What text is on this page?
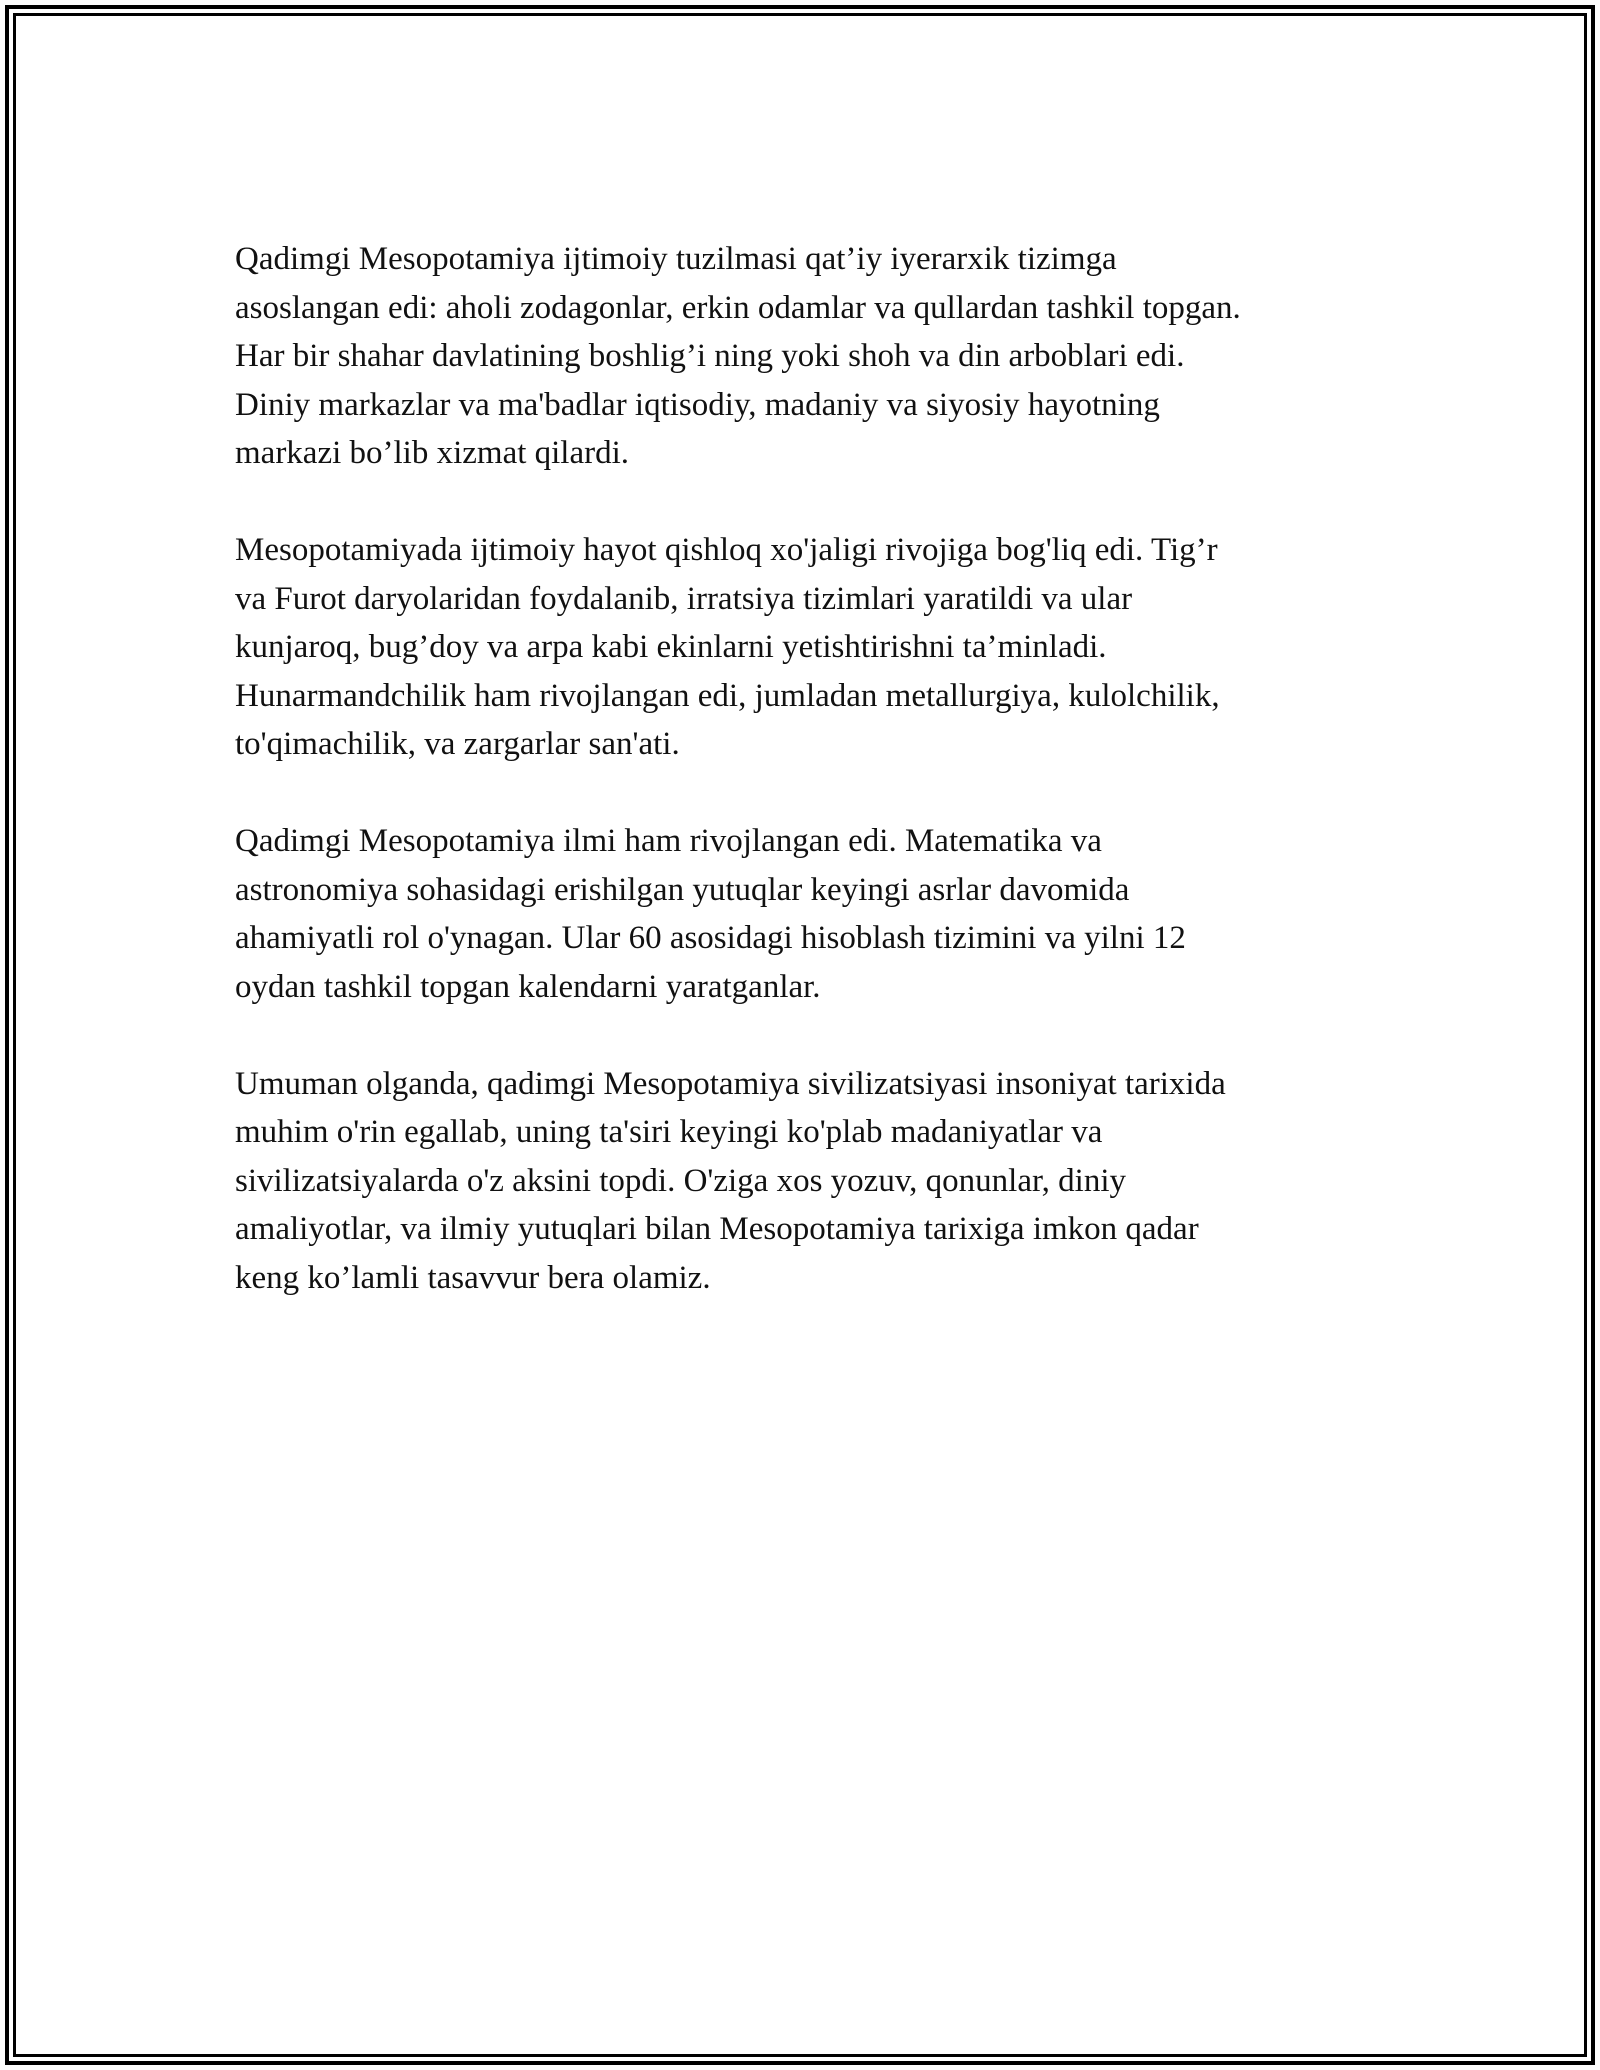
Qadimgi Mesopotamiya ijtimoiy tuzilmasi qat’iy iyerarxik tizimga
asoslangan edi: aholi zodagonlar, erkin odamlar va qullardan tashkil topgan.
Har bir shahar davlatining boshlig’i ning yoki shoh va din arboblari edi.
Diniy markazlar va ma'badlar iqtisodiy, madaniy va siyosiy hayotning
markazi bo’lib xizmat qilardi.

Mesopotamiyada ijtimoiy hayot qishloq xo'jaligi rivojiga bog'liq edi. Tig’r
va Furot daryolaridan foydalanib, irratsiya tizimlari yaratildi va ular
kunjaroq, bug’doy va arpa kabi ekinlarni yetishtirishni ta’minladi.
Hunarmandchilik ham rivojlangan edi, jumladan metallurgiya, kulolchilik,
to'qimachilik, va zargarlar san'ati.

Qadimgi Mesopotamiya ilmi ham rivojlangan edi. Matematika va
astronomiya sohasidagi erishilgan yutuqlar keyingi asrlar davomida
ahamiyatli rol o'ynagan. Ular 60 asosidagi hisoblash tizimini va yilni 12
oydan tashkil topgan kalendarni yaratganlar.

Umuman olganda, qadimgi Mesopotamiya sivilizatsiyasi insoniyat tarixida
muhim o'rin egallab, uning ta'siri keyingi ko'plab madaniyatlar va
sivilizatsiyalarda o'z aksini topdi. O'ziga xos yozuv, qonunlar, diniy
amaliyotlar, va ilmiy yutuqlari bilan Mesopotamiya tarixiga imkon qadar
keng ko’lamli tasavvur bera olamiz.
